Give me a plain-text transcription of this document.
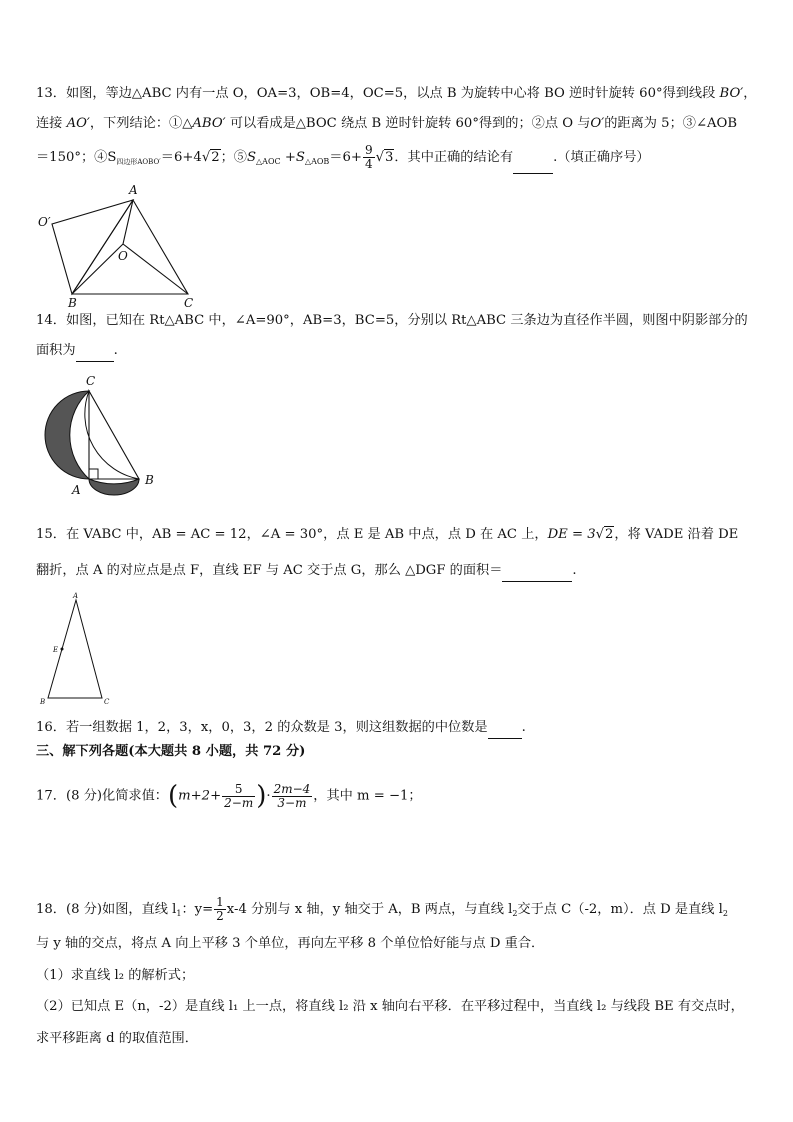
13．如图，等边△ABC 内有一点 O，OA=3，OB=4，OC=5，以点 B 为旋转中心将 BO 逆时针旋转 60°得到线段 BO′，
连接 AO′，下列结论：①△ABO′ 可以看成是△BOC 绕点 B 逆时针旋转 60°得到的；②点 O 与O′的距离为 5；③∠AOB
＝150°；$④S_{四边形AOBO'}=6+4√2$；$⑤S_{\triangle AOC} +S_{\triangle AOB}=6+ \frac{9}{4} √3$．其中正确的结论有	.（填正确序号）
A
B	C
O
O′
14．如图，已知在 Rt△ABC 中，∠A=90°，AB=3，BC=5，分别以 Rt△ABC 三条边为直径作半圆，则图中阴影部分的
面积为	.
C
A
B
15．在 VABC 中，AB = AC = 12，∠A = 30°，点 E 是 AB 中点，点 D 在 AC 上，DE = 3√2，将 VADE 沿着 DE
翻折，点 A 的对应点是点 F，直线 EF 与 AC 交于点 G，那么 △DGF 的面积＝	.
A
E
B	C
16．若一组数据 1，2，3，x，0，3，2 的众数是 3，则这组数据的中位数是	.
三、解下列各题(本大题共 8 小题，共 72 分)
17．(8 分)化简求值：($m+2+ \frac{5}{2-m}$ )· $\frac{2m-4}{3-m}$ ，其中 m = −1；
18．(8 分)如图，直线 $l_1$：$y= \frac{1}{2} x-4$ 分别与 x 轴，y 轴交于 A，B 两点，与直线 $l_2$交于点 C（-2，m）．点 D 是直线 $l_2$
与 y 轴的交点，将点 A 向上平移 3 个单位，再向左平移 8 个单位恰好能与点 D 重合．
（1）求直线 l₂ 的解析式；
（2）已知点 E（n，-2）是直线 l₁ 上一点，将直线 l₂ 沿 x 轴向右平移．在平移过程中，当直线 l₂ 与线段 BE 有交点时，
求平移距离 d 的取值范围．
